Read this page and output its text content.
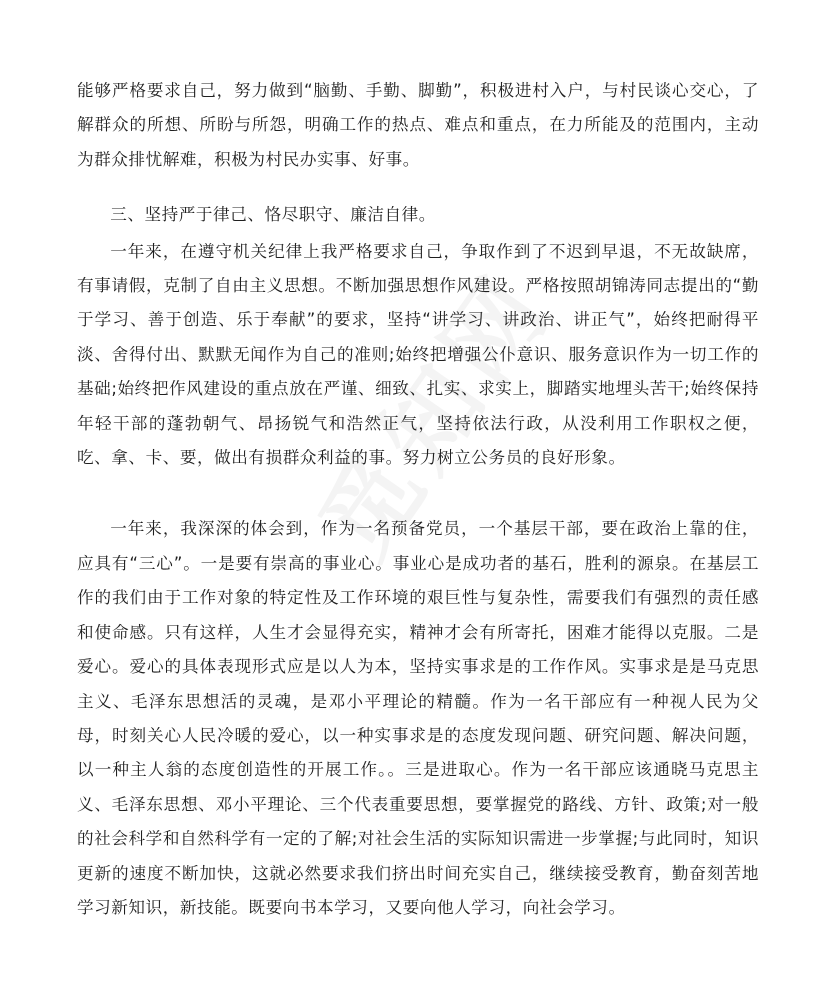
能够严格要求自己，努力做到“脑勤、手勤、脚勤”，积极进村入户，与村民谈心交心，了解群众的所想、所盼与所怨，明确工作的热点、难点和重点，在力所能及的范围内，主动为群众排忧解难，积极为村民办实事、好事。

三、坚持严于律己、恪尽职守、廉洁自律。

一年来，在遵守机关纪律上我严格要求自己，争取作到了不迟到早退，不无故缺席，有事请假，克制了自由主义思想。不断加强思想作风建设。严格按照胡锦涛同志提出的“勤于学习、善于创造、乐于奉献”的要求，坚持“讲学习、讲政治、讲正气”，始终把耐得平淡、舍得付出、默默无闻作为自己的准则;始终把增强公仆意识、服务意识作为一切工作的基础;始终把作风建设的重点放在严谨、细致、扎实、求实上，脚踏实地埋头苦干;始终保持年轻干部的蓬勃朝气、昂扬锐气和浩然正气，坚持依法行政，从没利用工作职权之便，吃、拿、卡、要，做出有损群众利益的事。努力树立公务员的良好形象。

一年来，我深深的体会到，作为一名预备党员，一个基层干部，要在政治上靠的住，应具有“三心”。一是要有崇高的事业心。事业心是成功者的基石，胜利的源泉。在基层工作的我们由于工作对象的特定性及工作环境的艰巨性与复杂性，需要我们有强烈的责任感和使命感。只有这样，人生才会显得充实，精神才会有所寄托，困难才能得以克服。二是爱心。爱心的具体表现形式应是以人为本，坚持实事求是的工作作风。实事求是是马克思主义、毛泽东思想活的灵魂，是邓小平理论的精髓。作为一名干部应有一种视人民为父母，时刻关心人民冷暖的爱心，以一种实事求是的态度发现问题、研究问题、解决问题，以一种主人翁的态度创造性的开展工作。。三是进取心。作为一名干部应该通晓马克思主义、毛泽东思想、邓小平理论、三个代表重要思想，要掌握党的路线、方针、政策;对一般的社会科学和自然科学有一定的了解;对社会生活的实际知识需进一步掌握;与此同时，知识更新的速度不断加快，这就必然要求我们挤出时间充实自己，继续接受教育，勤奋刻苦地学习新知识，新技能。既要向书本学习，又要向他人学习，向社会学习。
